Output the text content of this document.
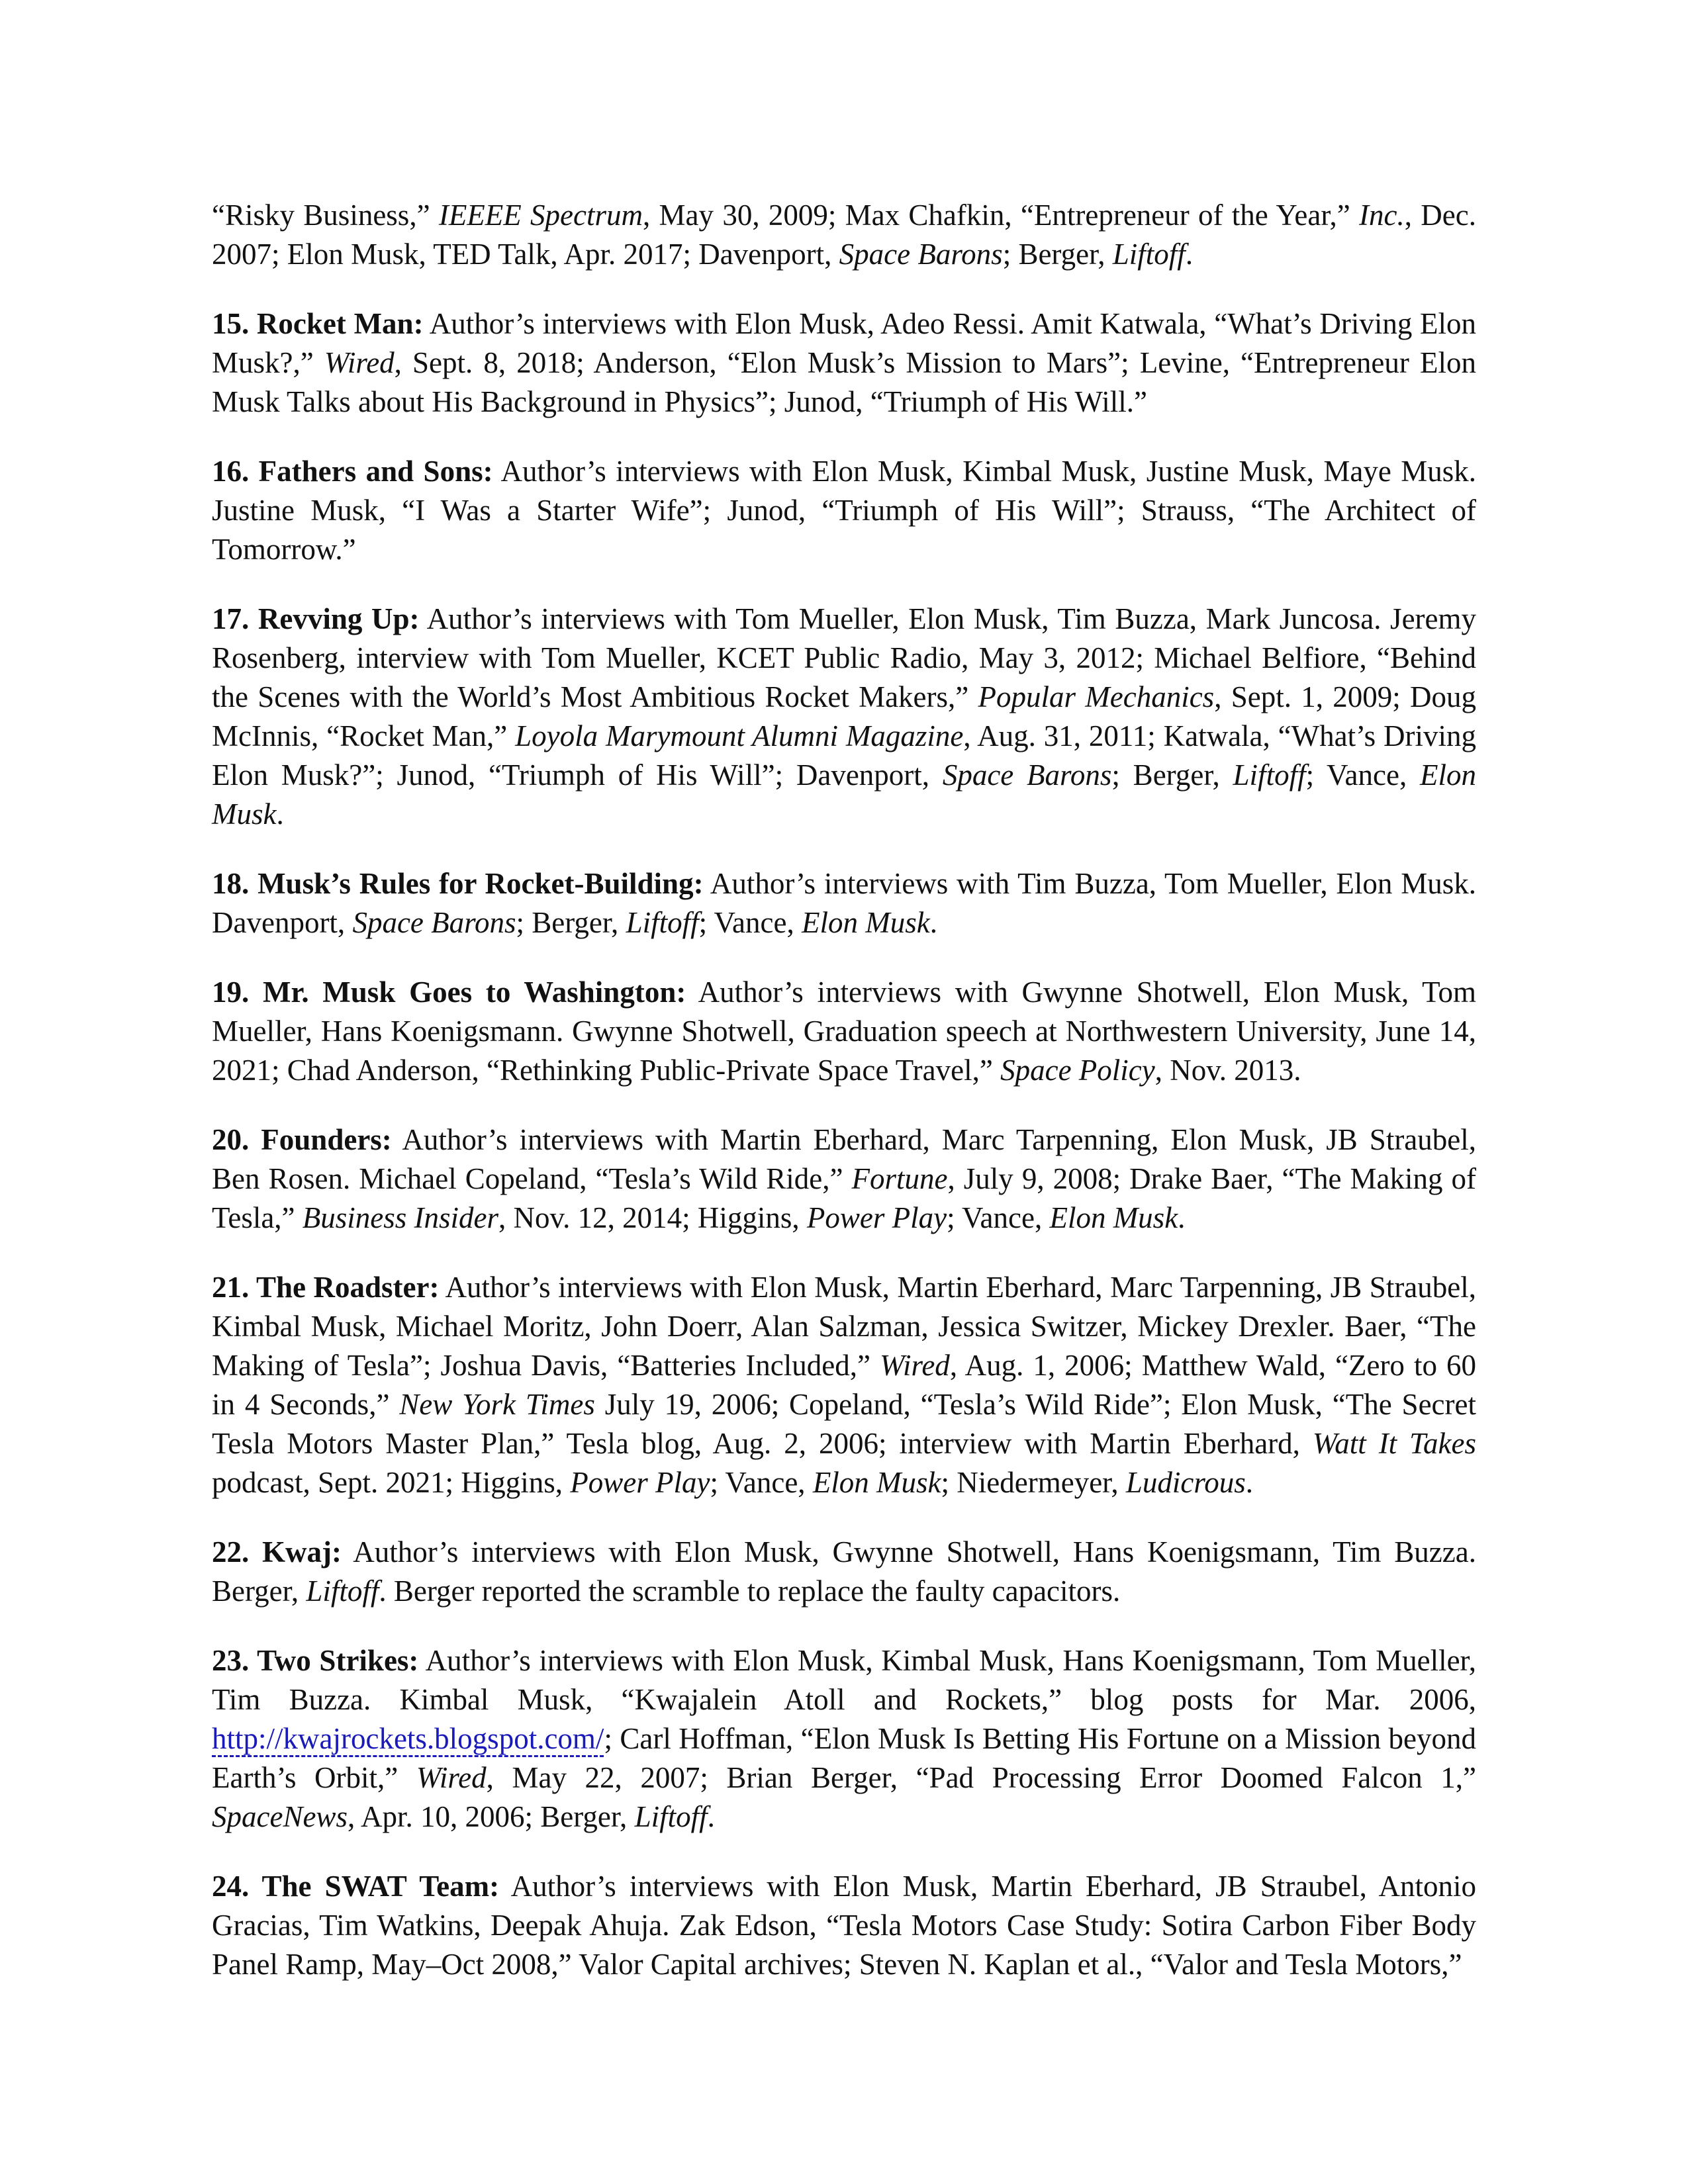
“Risky Business,” IEEEE Spectrum, May 30, 2009; Max Chafkin, “Entrepreneur of the Year,” Inc., Dec. 2007; Elon Musk, TED Talk, Apr. 2017; Davenport, Space Barons; Berger, Liftoff.

15. Rocket Man: Author’s interviews with Elon Musk, Adeo Ressi. Amit Katwala, “What’s Driving Elon Musk?,” Wired, Sept. 8, 2018; Anderson, “Elon Musk’s Mission to Mars”; Levine, “Entrepreneur Elon Musk Talks about His Background in Physics”; Junod, “Triumph of His Will.”

16. Fathers and Sons: Author’s interviews with Elon Musk, Kimbal Musk, Justine Musk, Maye Musk. Justine Musk, “I Was a Starter Wife”; Junod, “Triumph of His Will”; Strauss, “The Architect of Tomorrow.”

17. Revving Up: Author’s interviews with Tom Mueller, Elon Musk, Tim Buzza, Mark Juncosa. Jeremy Rosenberg, interview with Tom Mueller, KCET Public Radio, May 3, 2012; Michael Belfiore, “Behind the Scenes with the World’s Most Ambitious Rocket Makers,” Popular Mechanics, Sept. 1, 2009; Doug McInnis, “Rocket Man,” Loyola Marymount Alumni Magazine, Aug. 31, 2011; Katwala, “What’s Driving Elon Musk?”; Junod, “Triumph of His Will”; Davenport, Space Barons; Berger, Liftoff; Vance, Elon Musk.

18. Musk’s Rules for Rocket-Building: Author’s interviews with Tim Buzza, Tom Mueller, Elon Musk. Davenport, Space Barons; Berger, Liftoff; Vance, Elon Musk.

19. Mr. Musk Goes to Washington: Author’s interviews with Gwynne Shotwell, Elon Musk, Tom Mueller, Hans Koenigsmann. Gwynne Shotwell, Graduation speech at Northwestern University, June 14, 2021; Chad Anderson, “Rethinking Public-Private Space Travel,” Space Policy, Nov. 2013.

20. Founders: Author’s interviews with Martin Eberhard, Marc Tarpenning, Elon Musk, JB Straubel, Ben Rosen. Michael Copeland, “Tesla’s Wild Ride,” Fortune, July 9, 2008; Drake Baer, “The Making of Tesla,” Business Insider, Nov. 12, 2014; Higgins, Power Play; Vance, Elon Musk.

21. The Roadster: Author’s interviews with Elon Musk, Martin Eberhard, Marc Tarpenning, JB Straubel, Kimbal Musk, Michael Moritz, John Doerr, Alan Salzman, Jessica Switzer, Mickey Drexler. Baer, “The Making of Tesla”; Joshua Davis, “Batteries Included,” Wired, Aug. 1, 2006; Matthew Wald, “Zero to 60 in 4 Seconds,” New York Times July 19, 2006; Copeland, “Tesla’s Wild Ride”; Elon Musk, “The Secret Tesla Motors Master Plan,” Tesla blog, Aug. 2, 2006; interview with Martin Eberhard, Watt It Takes podcast, Sept. 2021; Higgins, Power Play; Vance, Elon Musk; Niedermeyer, Ludicrous.

22. Kwaj: Author’s interviews with Elon Musk, Gwynne Shotwell, Hans Koenigsmann, Tim Buzza. Berger, Liftoff. Berger reported the scramble to replace the faulty capacitors.

23. Two Strikes: Author’s interviews with Elon Musk, Kimbal Musk, Hans Koenigsmann, Tom Mueller, Tim Buzza. Kimbal Musk, “Kwajalein Atoll and Rockets,” blog posts for Mar. 2006, http://kwajrockets.blogspot.com/; Carl Hoffman, “Elon Musk Is Betting His Fortune on a Mission beyond Earth’s Orbit,” Wired, May 22, 2007; Brian Berger, “Pad Processing Error Doomed Falcon 1,” SpaceNews, Apr. 10, 2006; Berger, Liftoff.

24. The SWAT Team: Author’s interviews with Elon Musk, Martin Eberhard, JB Straubel, Antonio Gracias, Tim Watkins, Deepak Ahuja. Zak Edson, “Tesla Motors Case Study: Sotira Carbon Fiber Body Panel Ramp, May–Oct 2008,” Valor Capital archives; Steven N. Kaplan et al., “Valor and Tesla Motors,”
